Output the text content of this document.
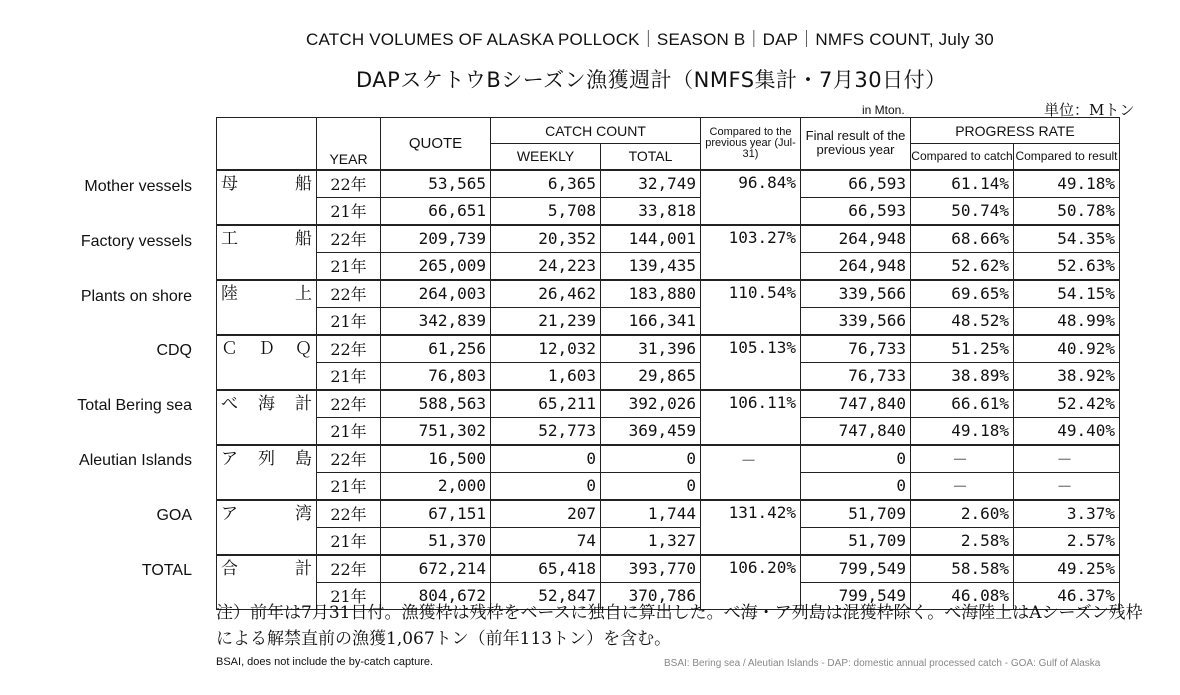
CATCH VOLUMES OF ALASKA POLLOCK｜SEASON B｜DAP｜NMFS COUNT, July 30
DAPスケトウBシーズン漁獲週計（NMFS集計・7月30日付）
in Mton.	単位：Mトン
Mother vessels
Factory vessels
Plants on shore
CDQ
Total Bering sea
Aleutian Islands
GOA
TOTAL
	YEAR	QUOTE	CATCH COUNT		Compared to the previous year (Jul-31)	Final result of the previous year	PROGRESS RATE	
			WEEKLY	TOTAL			Compared to catch	Compared to result
母　船	22年	53,565	6,365	32,749	96.84%	66,593	61.14%	49.18%
	21年	66,651	5,708	33,818		66,593	50.74%	50.78%
工　船	22年	209,739	20,352	144,001	103.27%	264,948	68.66%	54.35%
	21年	265,009	24,223	139,435		264,948	52.62%	52.63%
陸　上	22年	264,003	26,462	183,880	110.54%	339,566	69.65%	54.15%
	21年	342,839	21,239	166,341		339,566	48.52%	48.99%
ＣＤＱ	22年	61,256	12,032	31,396	105.13%	76,733	51.25%	40.92%
	21年	76,803	1,603	29,865		76,733	38.89%	38.92%
べ海計	22年	588,563	65,211	392,026	106.11%	747,840	66.61%	52.42%
	21年	751,302	52,773	369,459		747,840	49.18%	49.40%
ア列島	22年	16,500	0	0	－	0	－	－
	21年	2,000	0	0		0	－	－
ア　湾	22年	67,151	207	1,744	131.42%	51,709	2.60%	3.37%
	21年	51,370	74	1,327		51,709	2.58%	2.57%
合　計	22年	672,214	65,418	393,770	106.20%	799,549	58.58%	49.25%
	21年	804,672	52,847	370,786		799,549	46.08%	46.37%
注）前年は7月31日付。漁獲枠は残枠をベースに独自に算出した。べ海・ア列島は混獲枠除く。べ海陸上はAシーズン残枠による解禁直前の漁獲1,067トン（前年113トン）を含む。
BSAI, does not include the by-catch capture.	BSAI: Bering sea / Aleutian Islands - DAP: domestic annual processed catch - GOA: Gulf of Alaska
